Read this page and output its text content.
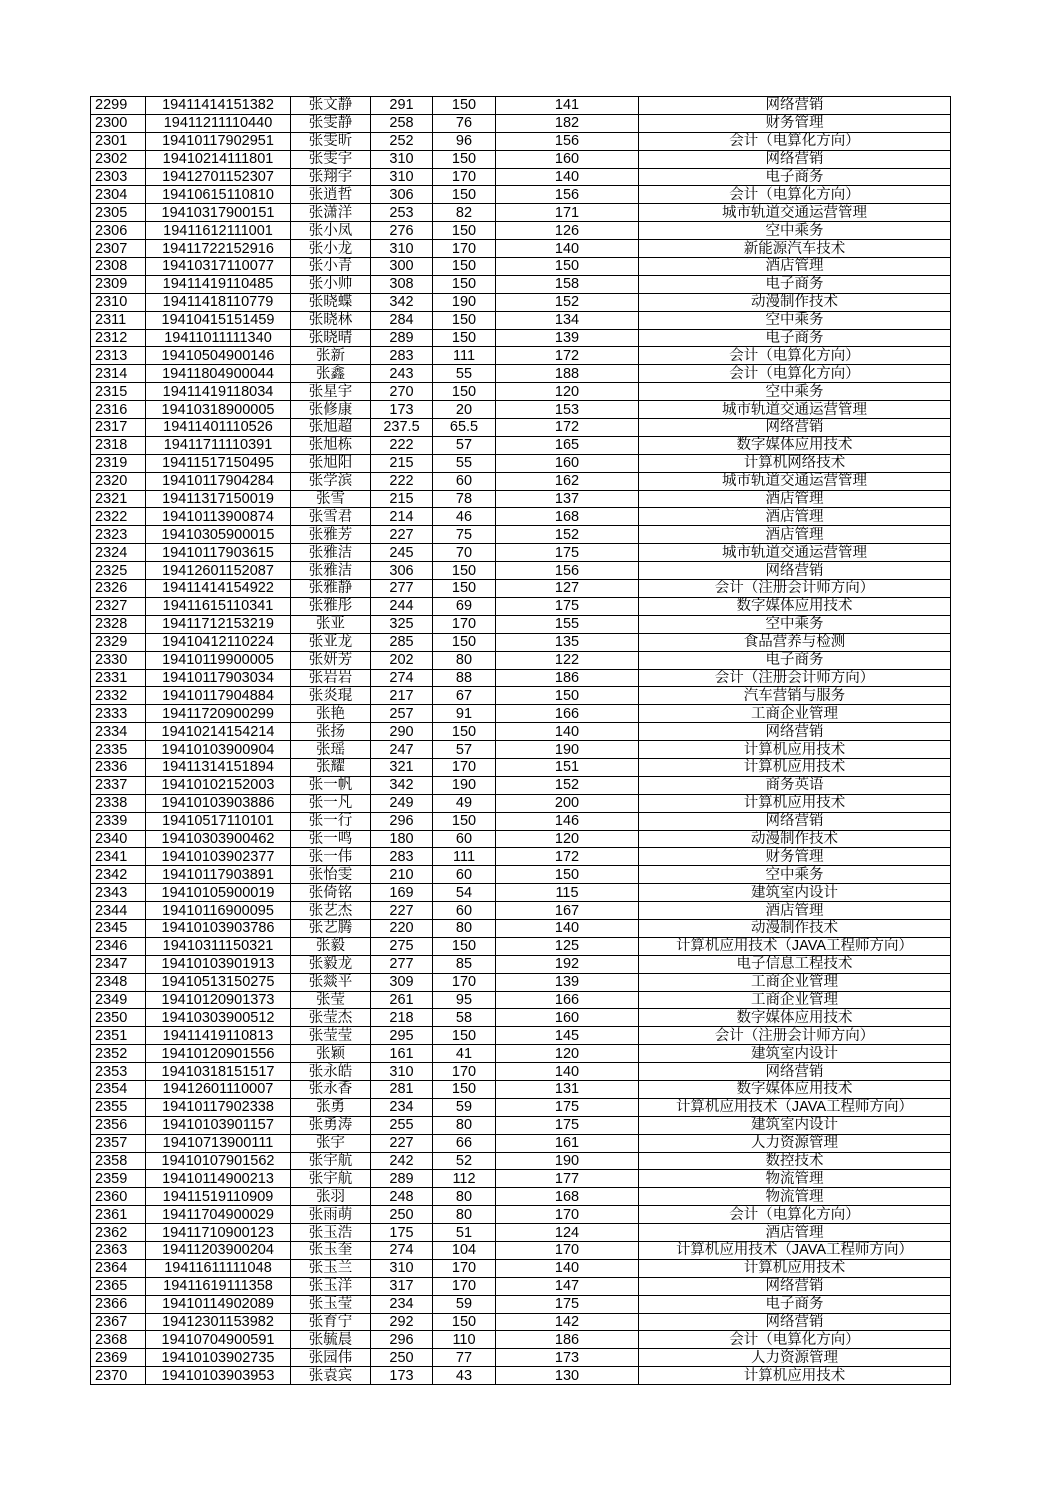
2299	19411414151382	张文静	291	150	141	网络营销
2300	19411211110440	张雯静	258	76	182	财务管理
2301	19410117902951	张雯昕	252	96	156	会计（电算化方向）
2302	19410214111801	张雯宇	310	150	160	网络营销
2303	19412701152307	张翔宇	310	170	140	电子商务
2304	19410615110810	张逍哲	306	150	156	会计（电算化方向）
2305	19410317900151	张潇洋	253	82	171	城市轨道交通运营管理
2306	19411612111001	张小凤	276	150	126	空中乘务
2307	19411722152916	张小龙	310	170	140	新能源汽车技术
2308	19410317110077	张小青	300	150	150	酒店管理
2309	19411419110485	张小帅	308	150	158	电子商务
2310	19411418110779	张晓蝶	342	190	152	动漫制作技术
2311	19410415151459	张晓林	284	150	134	空中乘务
2312	19411011111340	张晓晴	289	150	139	电子商务
2313	19410504900146	张新	283	111	172	会计（电算化方向）
2314	19411804900044	张鑫	243	55	188	会计（电算化方向）
2315	19411419118034	张星宇	270	150	120	空中乘务
2316	19410318900005	张修康	173	20	153	城市轨道交通运营管理
2317	19411401110526	张旭超	237.5	65.5	172	网络营销
2318	19411711110391	张旭栋	222	57	165	数字媒体应用技术
2319	19411517150495	张旭阳	215	55	160	计算机网络技术
2320	19410117904284	张学滨	222	60	162	城市轨道交通运营管理
2321	19411317150019	张雪	215	78	137	酒店管理
2322	19410113900874	张雪君	214	46	168	酒店管理
2323	19410305900015	张雅芳	227	75	152	酒店管理
2324	19410117903615	张雅洁	245	70	175	城市轨道交通运营管理
2325	19412601152087	张雅洁	306	150	156	网络营销
2326	19411414154922	张雅静	277	150	127	会计（注册会计师方向）
2327	19411615110341	张雅彤	244	69	175	数字媒体应用技术
2328	19411712153219	张亚	325	170	155	空中乘务
2329	19410412110224	张亚龙	285	150	135	食品营养与检测
2330	19410119900005	张妍芳	202	80	122	电子商务
2331	19410117903034	张岩岩	274	88	186	会计（注册会计师方向）
2332	19410117904884	张炎琨	217	67	150	汽车营销与服务
2333	19411720900299	张艳	257	91	166	工商企业管理
2334	19410214154214	张扬	290	150	140	网络营销
2335	19410103900904	张瑶	247	57	190	计算机应用技术
2336	19411314151894	张耀	321	170	151	计算机应用技术
2337	19410102152003	张一帆	342	190	152	商务英语
2338	19410103903886	张一凡	249	49	200	计算机应用技术
2339	19410517110101	张一行	296	150	146	网络营销
2340	19410303900462	张一鸣	180	60	120	动漫制作技术
2341	19410103902377	张一伟	283	111	172	财务管理
2342	19410117903891	张怡雯	210	60	150	空中乘务
2343	19410105900019	张倚铭	169	54	115	建筑室内设计
2344	19410116900095	张艺杰	227	60	167	酒店管理
2345	19410103903786	张艺腾	220	80	140	动漫制作技术
2346	19410311150321	张毅	275	150	125	计算机应用技术（JAVA工程师方向）
2347	19410103901913	张毅龙	277	85	192	电子信息工程技术
2348	19410513150275	张燚平	309	170	139	工商企业管理
2349	19410120901373	张莹	261	95	166	工商企业管理
2350	19410303900512	张莹杰	218	58	160	数字媒体应用技术
2351	19411419110813	张莹莹	295	150	145	会计（注册会计师方向）
2352	19410120901556	张颖	161	41	120	建筑室内设计
2353	19410318151517	张永皓	310	170	140	网络营销
2354	19412601110007	张永香	281	150	131	数字媒体应用技术
2355	19410117902338	张勇	234	59	175	计算机应用技术（JAVA工程师方向）
2356	19410103901157	张勇涛	255	80	175	建筑室内设计
2357	19410713900111	张宇	227	66	161	人力资源管理
2358	19410107901562	张宇航	242	52	190	数控技术
2359	19410114900213	张宇航	289	112	177	物流管理
2360	19411519110909	张羽	248	80	168	物流管理
2361	19411704900029	张雨萌	250	80	170	会计（电算化方向）
2362	19411710900123	张玉浩	175	51	124	酒店管理
2363	19411203900204	张玉奎	274	104	170	计算机应用技术（JAVA工程师方向）
2364	19411611111048	张玉兰	310	170	140	计算机应用技术
2365	19411619111358	张玉洋	317	170	147	网络营销
2366	19410114902089	张玉莹	234	59	175	电子商务
2367	19412301153982	张育宁	292	150	142	网络营销
2368	19410704900591	张毓晨	296	110	186	会计（电算化方向）
2369	19410103902735	张园伟	250	77	173	人力资源管理
2370	19410103903953	张袁宾	173	43	130	计算机应用技术
